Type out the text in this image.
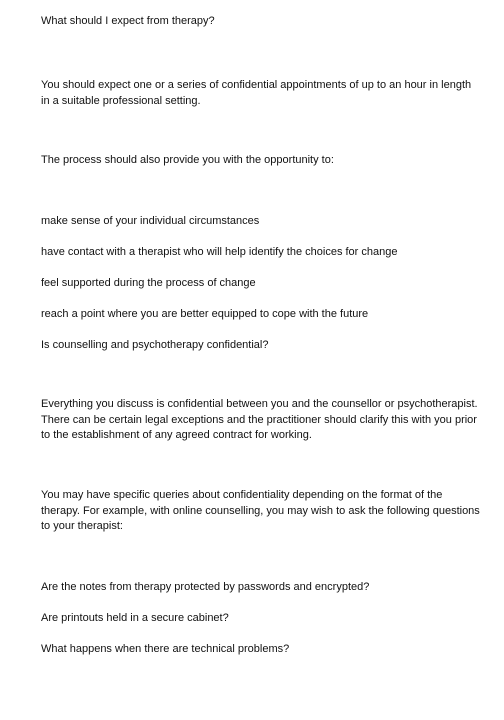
What should I expect from therapy?

You should expect one or a series of confidential appointments of up to an hour in length in a suitable professional setting.

The process should also provide you with the opportunity to:

make sense of your individual circumstances

have contact with a therapist who will help identify the choices for change

feel supported during the process of change

reach a point where you are better equipped to cope with the future

Is counselling and psychotherapy confidential?

Everything you discuss is confidential between you and the counsellor or psychotherapist. There can be certain legal exceptions and the practitioner should clarify this with you prior to the establishment of any agreed contract for working.

You may have specific queries about confidentiality depending on the format of the therapy. For example, with online counselling, you may wish to ask the following questions to your therapist:

Are the notes from therapy protected by passwords and encrypted?

Are printouts held in a secure cabinet?

What happens when there are technical problems?
